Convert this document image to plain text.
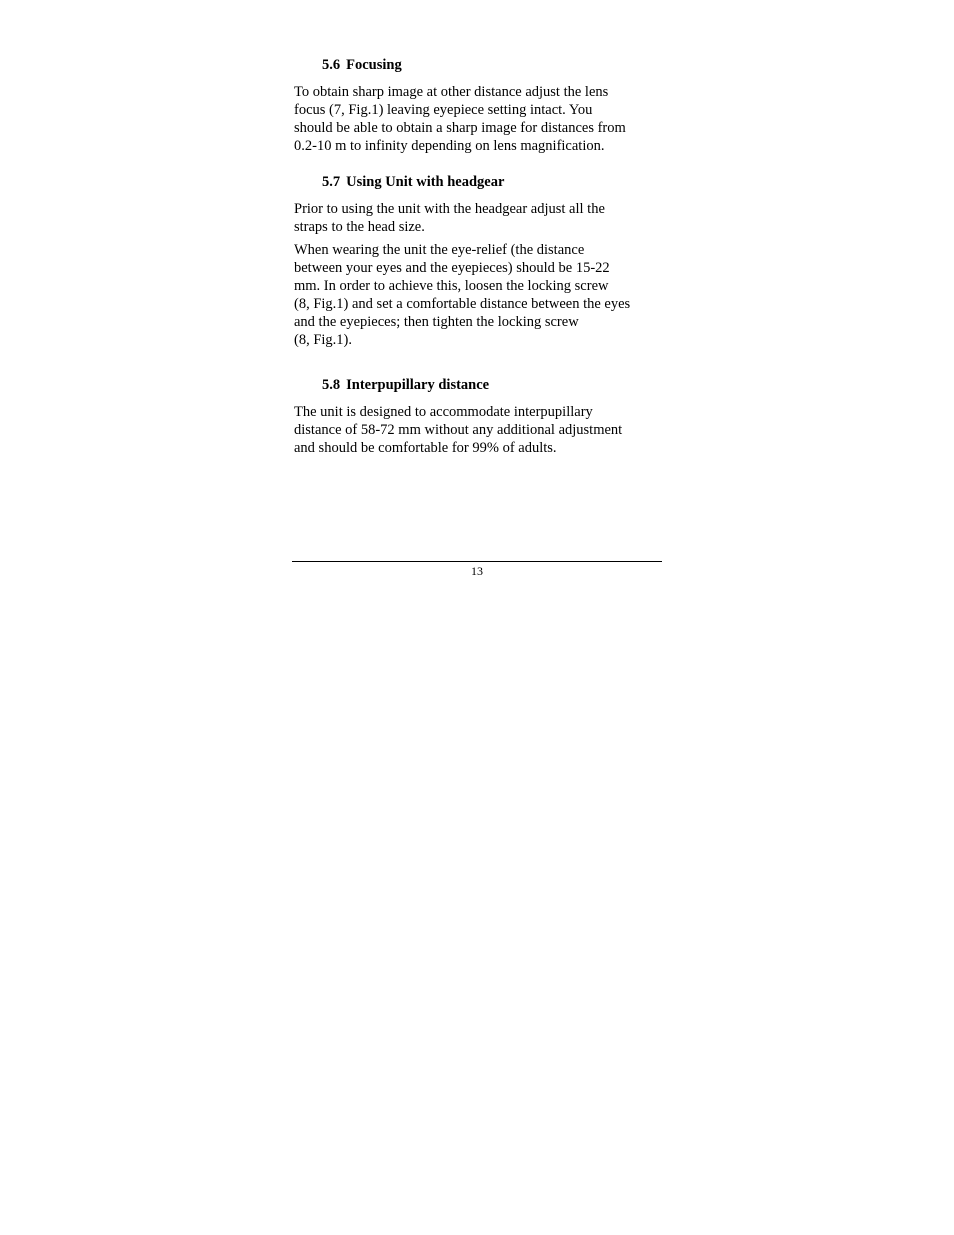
5.6 Focusing
To obtain sharp image at other distance adjust the lens
focus (7, Fig.1) leaving eyepiece setting intact. You
should be able to obtain a sharp image for distances from
0.2-10 m to infinity depending on lens magnification.
5.7 Using Unit with headgear
Prior to using the unit with the headgear adjust all the
straps to the head size.
When wearing the unit the eye-relief (the distance
between your eyes and the eyepieces) should be 15-22
mm. In order to achieve this, loosen the locking screw
(8, Fig.1) and set a comfortable distance between the eyes
and the eyepieces; then tighten the locking screw
(8, Fig.1).
5.8 Interpupillary distance
The unit is designed to accommodate interpupillary
distance of 58-72 mm without any additional adjustment
and should be comfortable for 99% of adults.
13
